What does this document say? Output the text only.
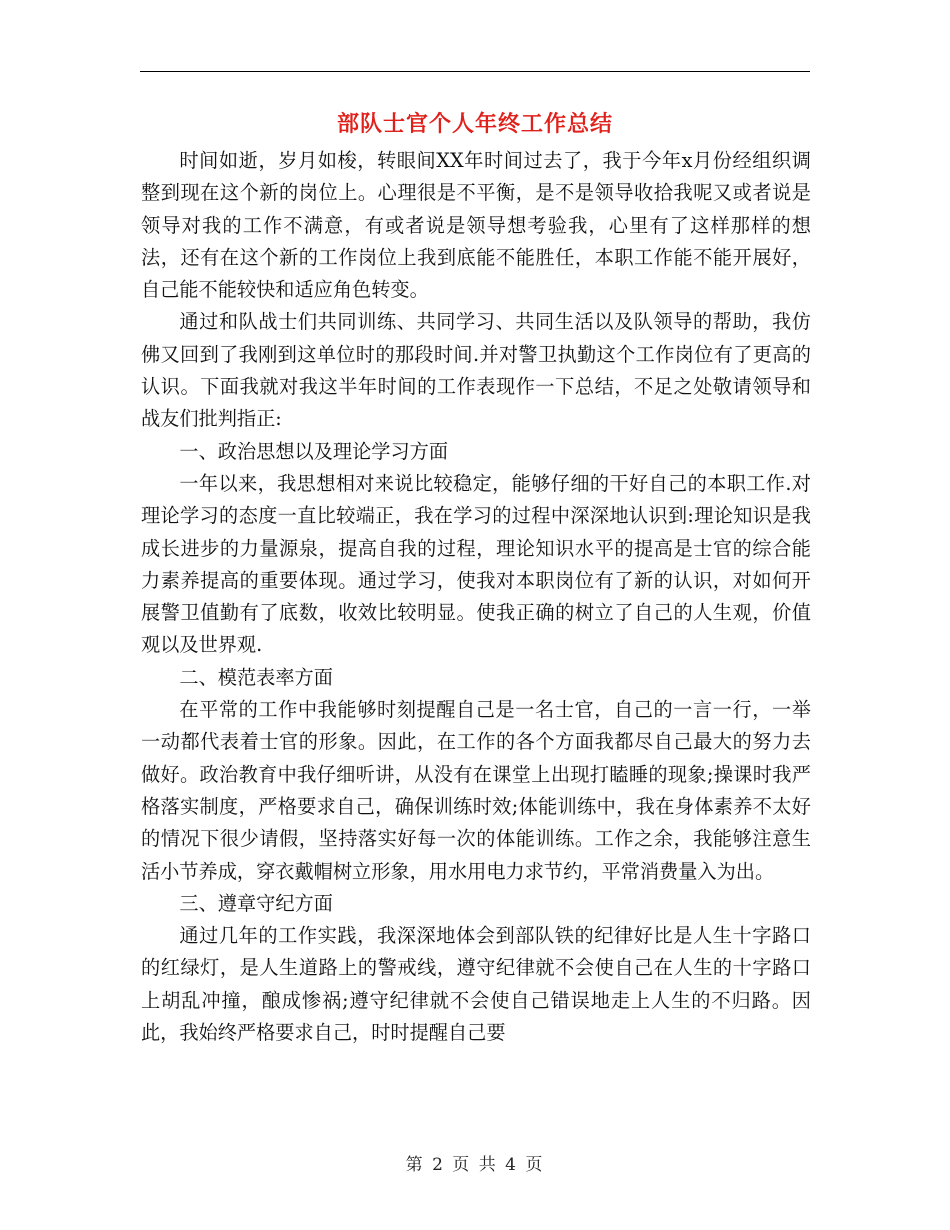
部队士官个人年终工作总结

时间如逝，岁月如梭，转眼间XX年时间过去了，我于今年x月份经组织调整到现在这个新的岗位上。心理很是不平衡，是不是领导收拾我呢又或者说是领导对我的工作不满意，有或者说是领导想考验我，心里有了这样那样的想法，还有在这个新的工作岗位上我到底能不能胜任，本职工作能不能开展好，自己能不能较快和适应角色转变。

通过和队战士们共同训练、共同学习、共同生活以及队领导的帮助，我仿佛又回到了我刚到这单位时的那段时间.并对警卫执勤这个工作岗位有了更高的认识。下面我就对我这半年时间的工作表现作一下总结，不足之处敬请领导和战友们批判指正:

一、政治思想以及理论学习方面

一年以来，我思想相对来说比较稳定，能够仔细的干好自己的本职工作.对理论学习的态度一直比较端正，我在学习的过程中深深地认识到:理论知识是我成长进步的力量源泉，提高自我的过程，理论知识水平的提高是士官的综合能力素养提高的重要体现。通过学习，使我对本职岗位有了新的认识，对如何开展警卫值勤有了底数，收效比较明显。使我正确的树立了自己的人生观，价值观以及世界观.

二、模范表率方面

在平常的工作中我能够时刻提醒自己是一名士官，自己的一言一行，一举一动都代表着士官的形象。因此，在工作的各个方面我都尽自己最大的努力去做好。政治教育中我仔细听讲，从没有在课堂上出现打瞌睡的现象;操课时我严格落实制度，严格要求自己，确保训练时效;体能训练中，我在身体素养不太好的情况下很少请假，坚持落实好每一次的体能训练。工作之余，我能够注意生活小节养成，穿衣戴帽树立形象，用水用电力求节约，平常消费量入为出。

三、遵章守纪方面

通过几年的工作实践，我深深地体会到部队铁的纪律好比是人生十字路口的红绿灯，是人生道路上的警戒线，遵守纪律就不会使自己在人生的十字路口上胡乱冲撞，酿成惨祸;遵守纪律就不会使自己错误地走上人生的不归路。因此，我始终严格要求自己，时时提醒自己要

第 2 页 共 4 页
